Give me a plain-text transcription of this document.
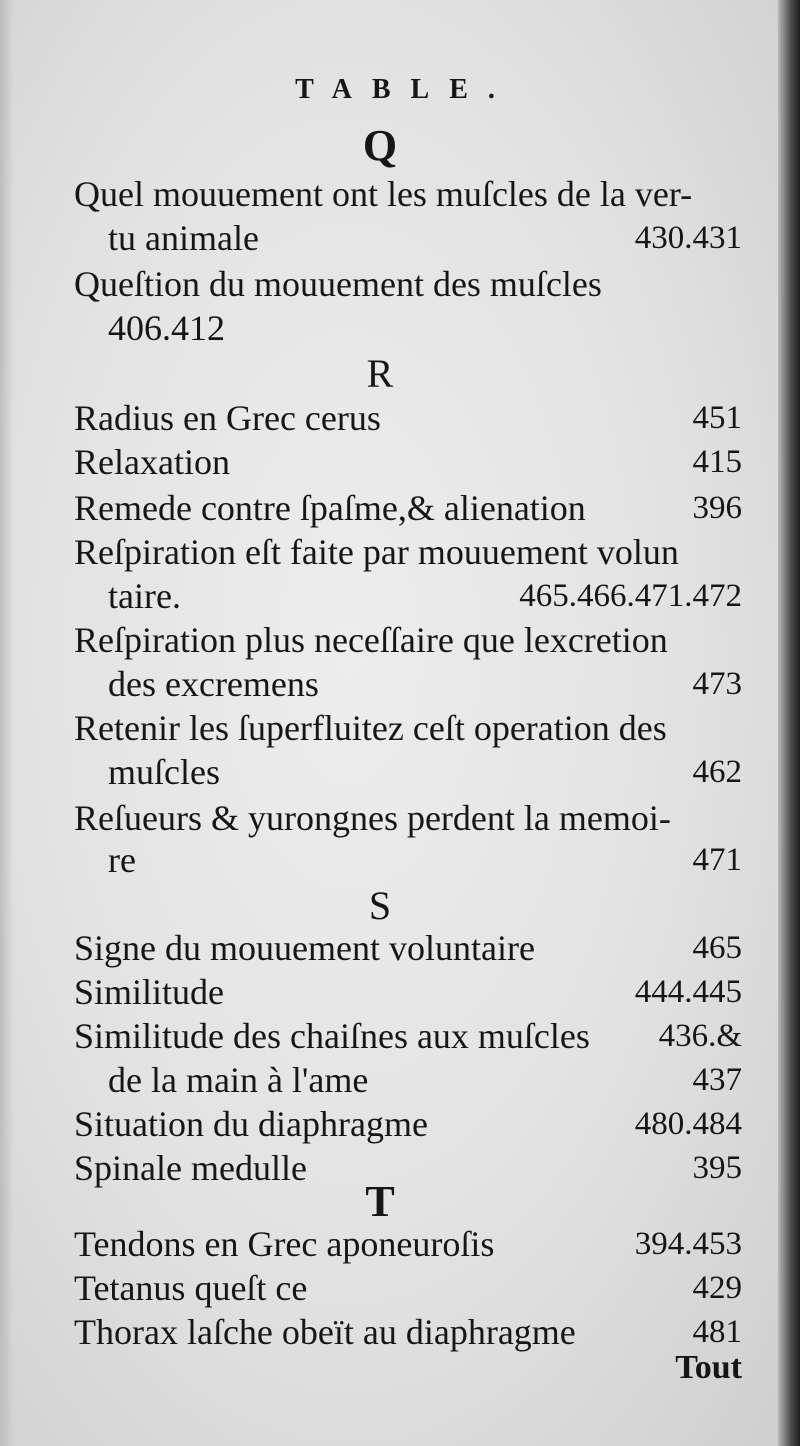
TABLE.
Q
Quel mouuement ont les muſcles de la ver-
tu animale	430.431
Queſtion du mouuement des muſcles
406.412
R
Radius en Grec cerus	451
Relaxation	415
Remede contre ſpaſme,& alienation	396
Reſpiration eſt faite par mouuement volun
taire.	465.466.471.472
Reſpiration plus neceſſaire que lexcretion
des excremens	473
Retenir les ſuperfluitez ceſt operation des
muſcles	462
Reſueurs & yurongnes perdent la memoi-
re	471
S
Signe du mouuement voluntaire	465
Similitude	444.445
Similitude des chaiſnes aux muſcles 436.&
de la main à l'ame	437
Situation du diaphragme	480.484
Spinale medulle	395
T
Tendons en Grec aponeuroſis	394.453
Tetanus queſt ce	429
Thorax laſche obeït au diaphragme	481
Tout
